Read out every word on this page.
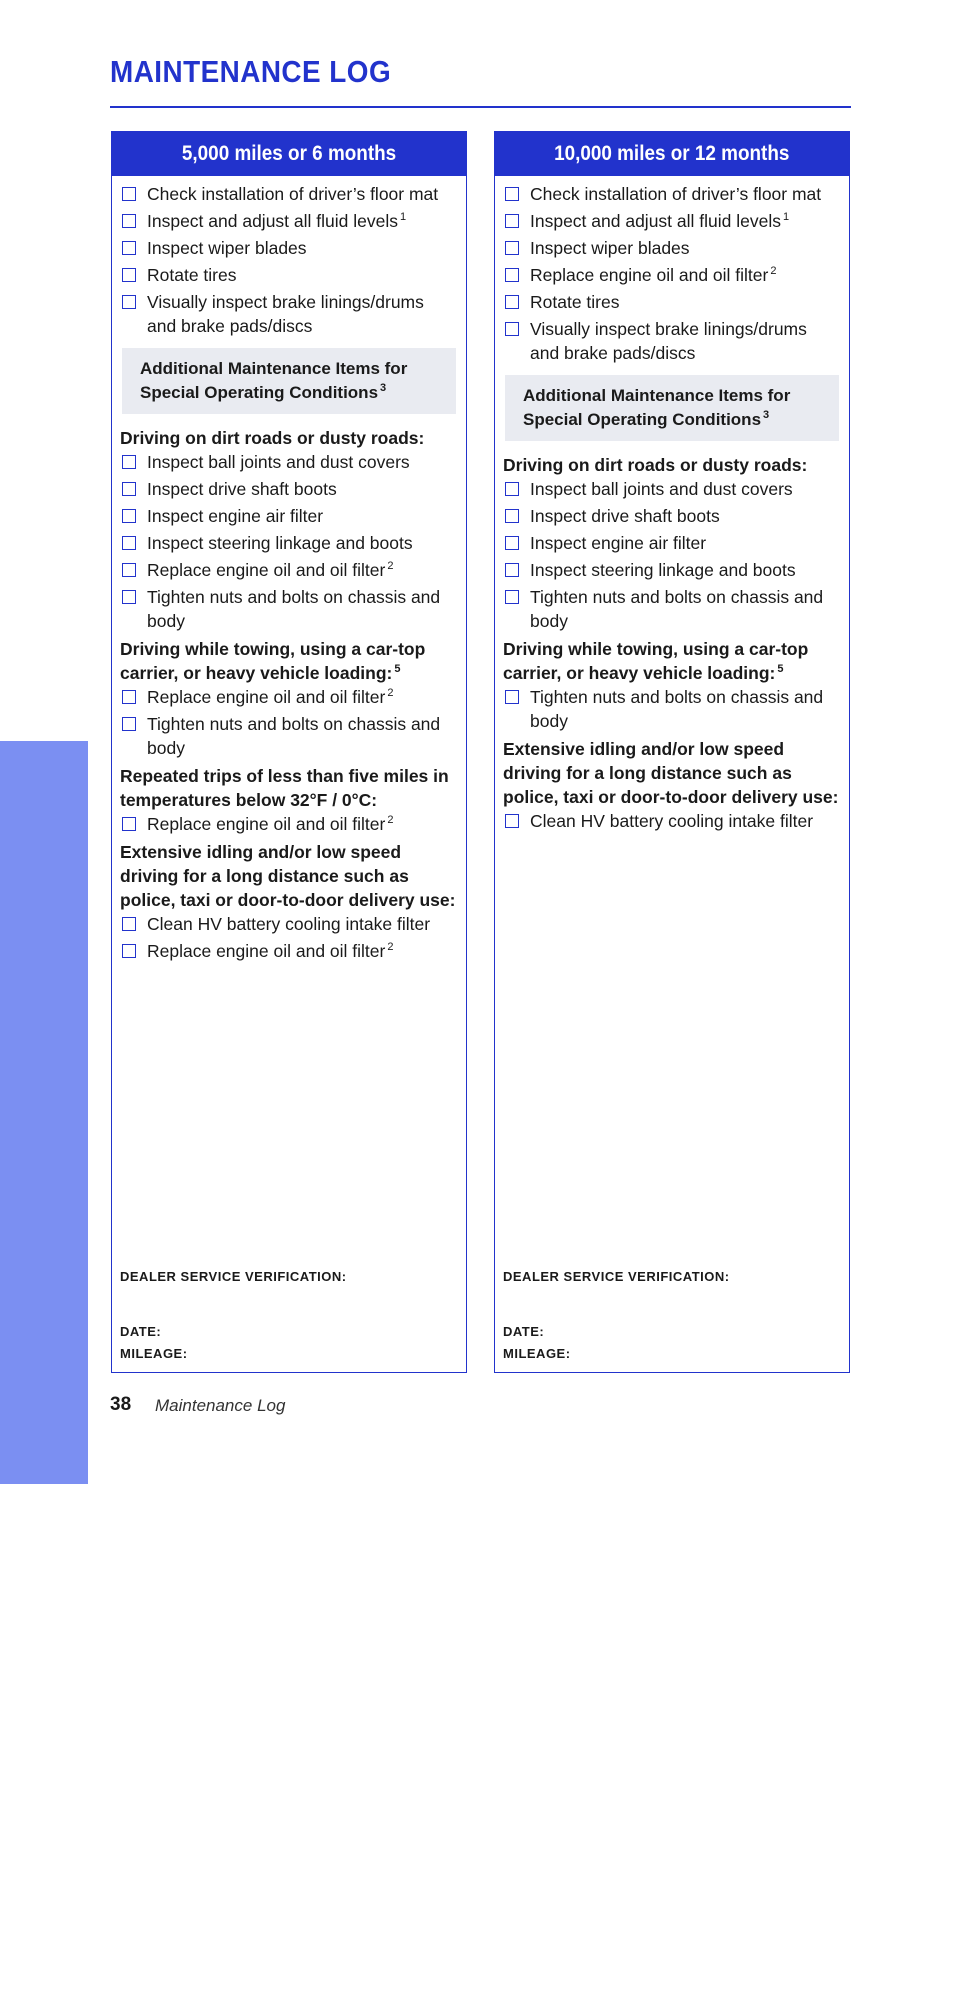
MAINTENANCE LOG
MAINTENANCE
5,000 miles or 6 months
Check installation of driver’s floor mat
Inspect and adjust all fluid levels $^1$
Inspect wiper blades
Rotate tires
Visually inspect brake linings/drums and brake pads/discs
Additional Maintenance Items for Special Operating Conditions $^3$
Driving on dirt roads or dusty roads:
Inspect ball joints and dust covers
Inspect drive shaft boots
Inspect engine air filter
Inspect steering linkage and boots
Replace engine oil and oil filter $^2$
Tighten nuts and bolts on chassis and body
Driving while towing, using a car-top carrier, or heavy vehicle loading: $^5$
Replace engine oil and oil filter $^2$
Tighten nuts and bolts on chassis and body
Repeated trips of less than five miles in temperatures below 32°F / 0°C:
Replace engine oil and oil filter $^2$
Extensive idling and/or low speed driving for a long distance such as police, taxi or door-to-door delivery use:
Clean HV battery cooling intake filter
Replace engine oil and oil filter $^2$
DEALER SERVICE VERIFICATION:
DATE:
MILEAGE:
10,000 miles or 12 months
Check installation of driver’s floor mat
Inspect and adjust all fluid levels $^1$
Inspect wiper blades
Replace engine oil and oil filter $^2$
Rotate tires
Visually inspect brake linings/drums and brake pads/discs
Additional Maintenance Items for Special Operating Conditions $^3$
Driving on dirt roads or dusty roads:
Inspect ball joints and dust covers
Inspect drive shaft boots
Inspect engine air filter
Inspect steering linkage and boots
Tighten nuts and bolts on chassis and body
Driving while towing, using a car-top carrier, or heavy vehicle loading: $^5$
Tighten nuts and bolts on chassis and body
Extensive idling and/or low speed driving for a long distance such as police, taxi or door-to-door delivery use:
Clean HV battery cooling intake filter
DEALER SERVICE VERIFICATION:
DATE:
MILEAGE:
38 Maintenance Log
